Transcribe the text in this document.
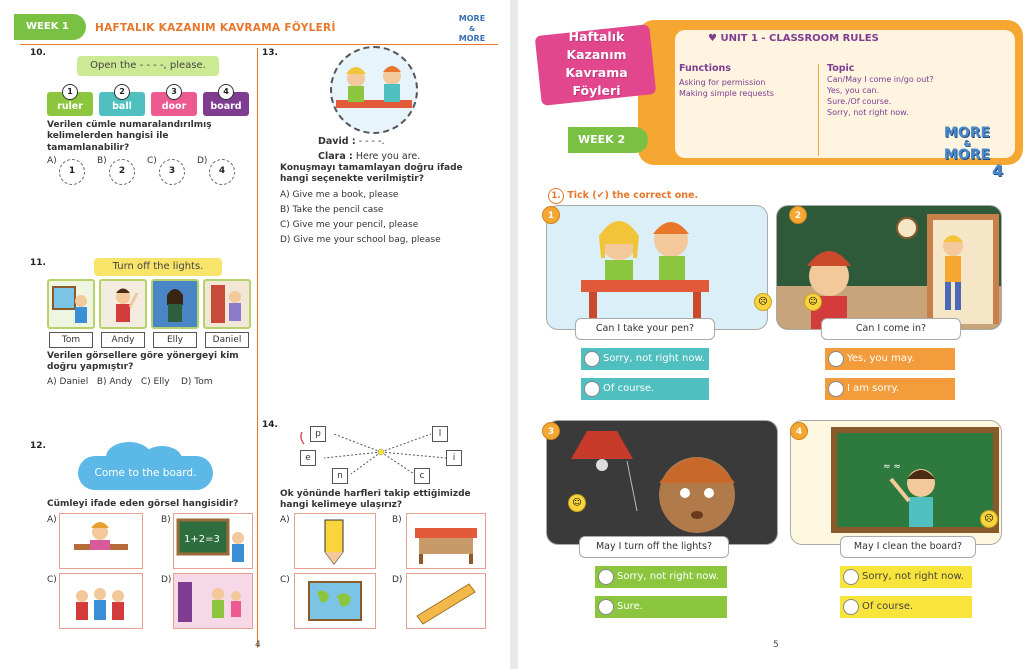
WEEK 1	HAFTALIK KAZANIM KAVRAMA FÖYLERİ
MORE
&
MORE
10.
Open the - - - -, please.
ruler
1
ball
2
door
3
board
4
Verilen cümle numaralandırılmış kelimelerden hangisi ile tamamlanabilir?
A)
1
B)
2
C)
3
D)
4
11.	Turn off the lights.
Tom	Andy	Elly	Daniel
Verilen görsellere göre yönergeyi kim doğru yapmıştır?
A) Daniel B) Andy C) Elly D) Tom
12.
Come to the board.
Cümleyi ifade eden görsel hangisidir?
A)	B)
1+2=3
C)	D)
4
13.
David : - - - -.
Clara : Here you are.
Konuşmayı tamamlayan doğru ifade hangi seçenekte verilmiştir?
A) Give me a book, please
B) Take the pencil case
C) Give me your pencil, please
D) Give me your school bag, please
14.
p	l
e	i
n	c
Ok yönünde harfleri takip ettiğimizde hangi kelimeye ulaşırız?
A)	B)
C)	D)
♥ UNIT 1 - CLASSROOM RULES
Haftalık
Kazanım Kavrama
Föyleri
WEEK 2
Functions
Asking for permission
Making simple requests
Topic
Can/May I come in/go out?
Yes, you can.
Sure./Of course.
Sorry, not right now.
MORE
&
MORE
4
1. Tick (✔) the correct one.
1
☹
Can I take your pen?
Sorry, not right now.
Of course.
2
☺
Can I come in?
Yes, you may.
I am sorry.
3
☺
May I turn off the lights?
Sorry, not right now.
Sure.
≈ ≈
4
☹
May I clean the board?
Sorry, not right now.
Of course.
5
